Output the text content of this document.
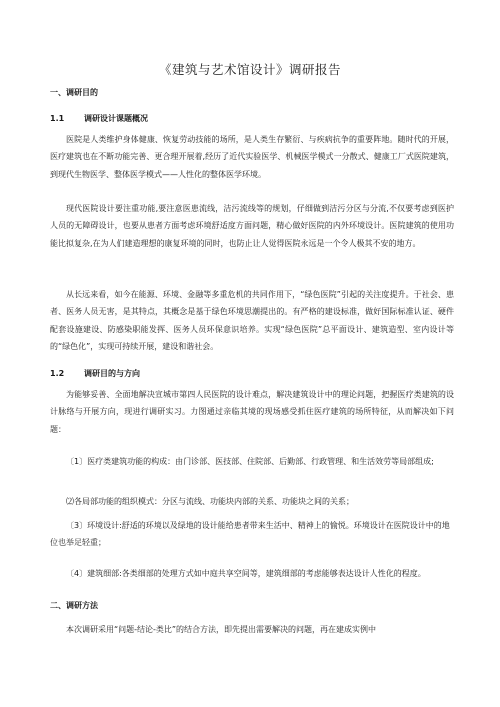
《建筑与艺术馆设计》调研报告
一、调研目的
1.1 调研设计课题概况

医院是人类维护身体健康、恢复劳动技能的场所，是人类生存繁衍、与疾病抗争的重要阵地。随时代的开展，医疗建筑也在不断功能完善、更合理开展着,经历了近代实验医学、机械医学模式一分散式、健康工厂式医院建筑，到现代生物医学、整体医学模式——人性化的整体医学环境。

现代医院设计要注重功能,要注意医患流线，洁污流线等的规划，仔细做到洁污分区与分流,不仅要考虑到医护人员的无障碍设计，也要从患者方面考虑环境舒适度方面问题，精心做好医院的内外环境设计。医院建筑的使用功能比拟复杂,在为人们建造理想的康复环境的同时，也防止让人觉得医院永远是一个令人极其不安的地方。

从长远来看，如今在能源、环境、金融等多重危机的共同作用下，“绿色医院”引起的关注度提升。于社会、患者、医务人员无害，是其特点，其概念是基于绿色环境思潮提出的。有严格的建设标准，做好国际标准认证、硬件配套设施建设、防感染职能发挥、医务人员环保意识培养。实现“绿色医院”总平面设计、建筑造型、室内设计等的“绿色化”，实现可持续开展，建设和谐社会。

1.2 调研目的与方向

为能够妥善、全面地解决宣城市第四人民医院的设计难点，解决建筑设计中的理论问题，把握医疗类建筑的设计脉络与开展方向，现进行调研实习。力图通过亲临其境的现场感受抓住医疗建筑的场所特征，从而解决如下问题：

〔1〕医疗类建筑功能的构成：由门诊部、医技部、住院部、后勤部、行政管理、和生活效劳等局部组成;

⑵各局部功能的组织模式：分区与流线、功能块内部的关系、功能块之间的关系；

〔3〕环境设计:舒适的环境以及绿地的设计能给患者带来生活中、精神上的愉悦。环境设计在医院设计中的地位也举足轻重；

〔4〕建筑细部:各类细部的处理方式如中庭共享空间等，建筑细部的考虑能够表达设计人性化的程度。

二、调研方法

本次调研采用“问题-结论-类比”的结合方法，即先提出需要解决的问题，再在建成实例中
